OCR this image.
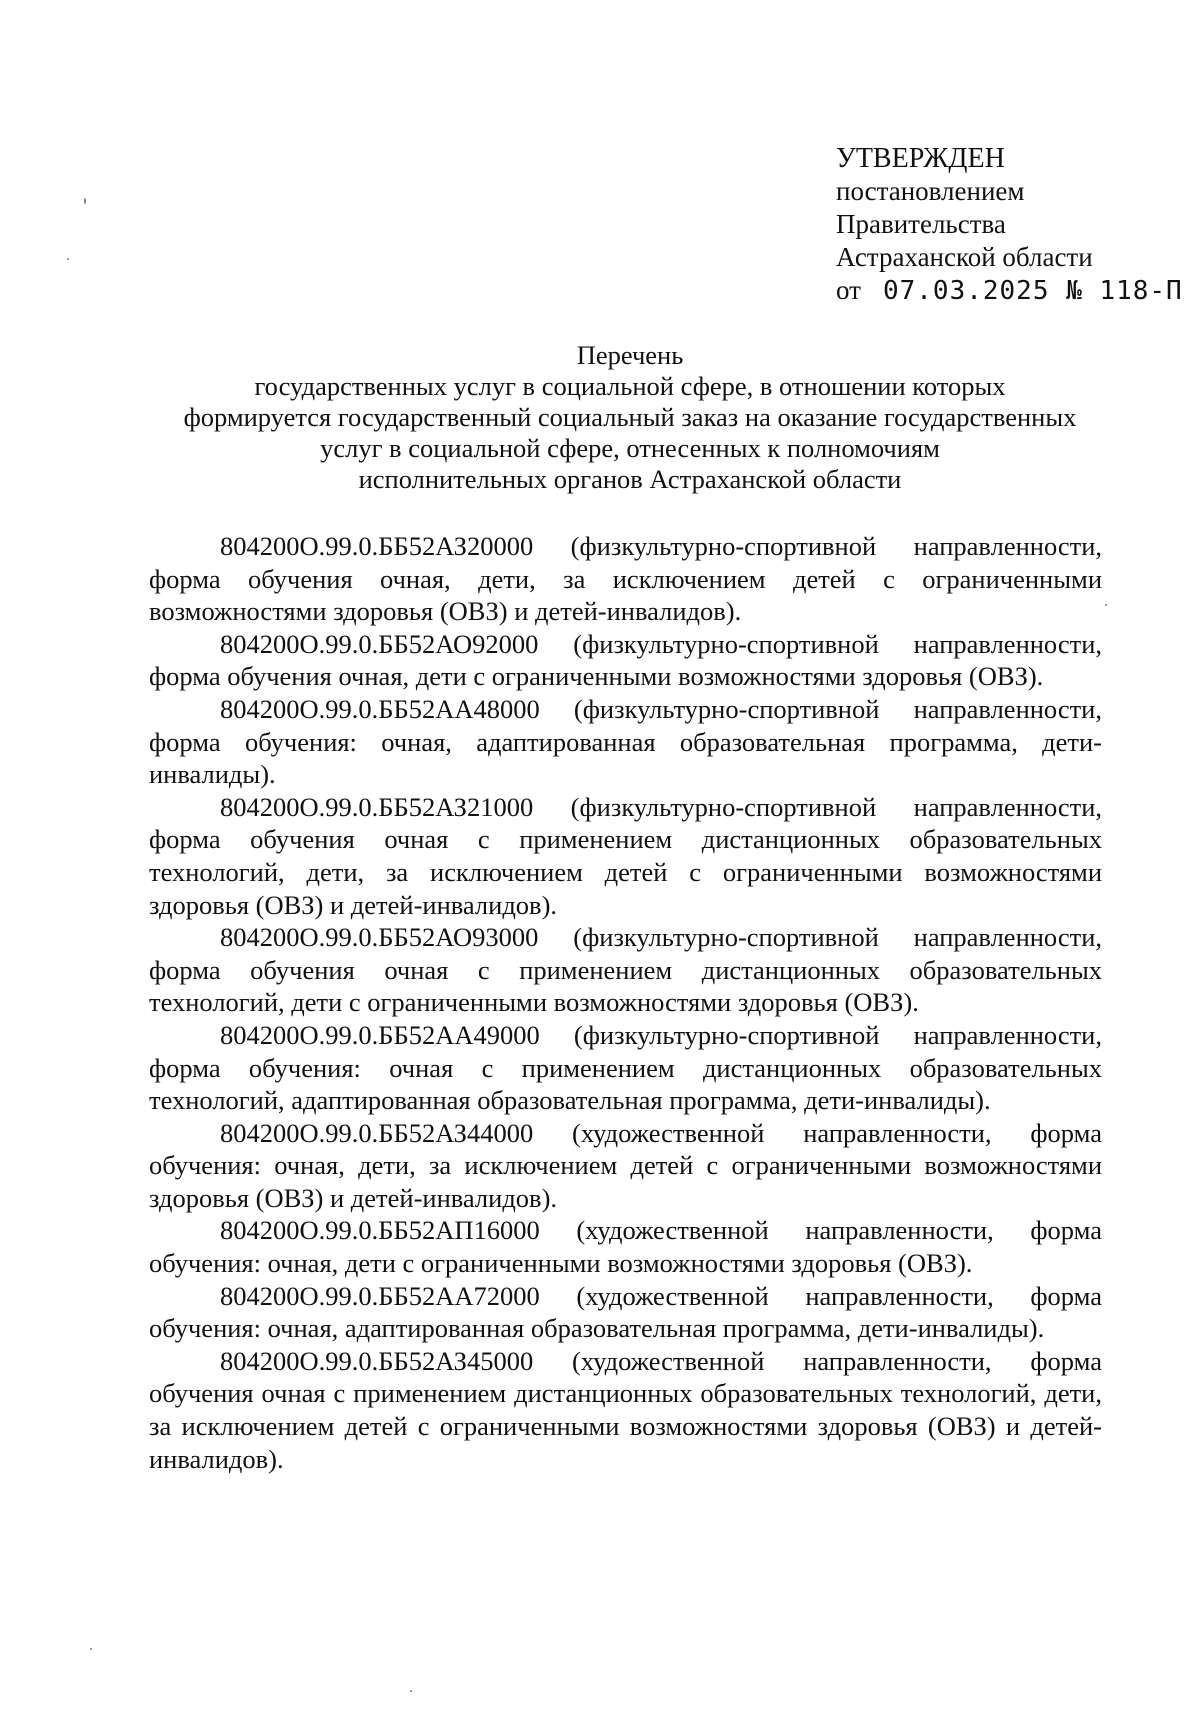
УТВЕРЖДЕН
постановлением
Правительства
Астраханской области
от 07.03.2025 № 118-П
Перечень
государственных услуг в социальной сфере, в отношении которых
формируется государственный социальный заказ на оказание государственных
услуг в социальной сфере, отнесенных к полномочиям
исполнительных органов Астраханской области

804200О.99.0.ББ52АЗ20000 (физкультурно-спортивной направленности, форма обучения очная, дети, за исключением детей с ограниченными возможностями здоровья (ОВЗ) и детей-инвалидов).

804200О.99.0.ББ52АО92000 (физкультурно-спортивной направленности, форма обучения очная, дети с ограниченными возможностями здоровья (ОВЗ).

804200О.99.0.ББ52АА48000 (физкультурно-спортивной направленности, форма обучения: очная, адаптированная образовательная программа, дети-инвалиды).

804200О.99.0.ББ52АЗ21000 (физкультурно-спортивной направленности, форма обучения очная с применением дистанционных образовательных технологий, дети, за исключением детей с ограниченными возможностями здоровья (ОВЗ) и детей-инвалидов).

804200О.99.0.ББ52АО93000 (физкультурно-спортивной направленности, форма обучения очная с применением дистанционных образовательных технологий, дети с ограниченными возможностями здоровья (ОВЗ).

804200О.99.0.ББ52АА49000 (физкультурно-спортивной направленности, форма обучения: очная с применением дистанционных образовательных технологий, адаптированная образовательная программа, дети-инвалиды).

804200О.99.0.ББ52АЗ44000 (художественной направленности, форма обучения: очная, дети, за исключением детей с ограниченными возможностями здоровья (ОВЗ) и детей-инвалидов).

804200О.99.0.ББ52АП16000 (художественной направленности, форма обучения: очная, дети с ограниченными возможностями здоровья (ОВЗ).

804200О.99.0.ББ52АА72000 (художественной направленности, форма обучения: очная, адаптированная образовательная программа, дети-инвалиды).

804200О.99.0.ББ52АЗ45000 (художественной направленности, форма обучения очная с применением дистанционных образовательных технологий, дети, за исключением детей с ограниченными возможностями здоровья (ОВЗ) и детей-инвалидов).
